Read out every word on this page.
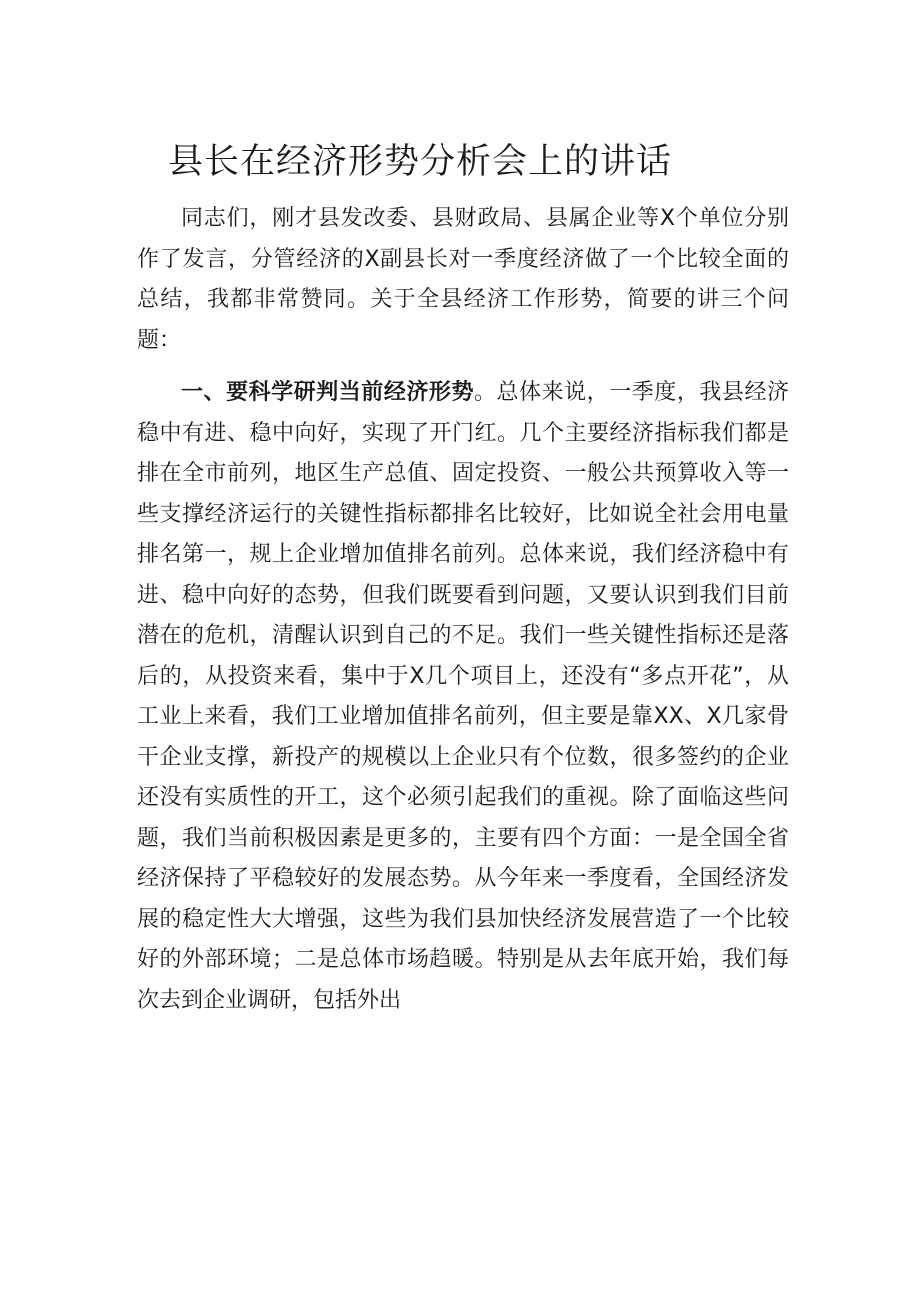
县长在经济形势分析会上的讲话

同志们，刚才县发改委、县财政局、县属企业等X个单位分别作了发言，分管经济的X副县长对一季度经济做了一个比较全面的总结，我都非常赞同。关于全县经济工作形势，简要的讲三个问题：

一、要科学研判当前经济形势。总体来说，一季度，我县经济稳中有进、稳中向好，实现了开门红。几个主要经济指标我们都是排在全市前列，地区生产总值、固定投资、一般公共预算收入等一些支撑经济运行的关键性指标都排名比较好，比如说全社会用电量排名第一，规上企业增加值排名前列。总体来说，我们经济稳中有进、稳中向好的态势，但我们既要看到问题，又要认识到我们目前潜在的危机，清醒认识到自己的不足。我们一些关键性指标还是落后的，从投资来看，集中于X几个项目上，还没有“多点开花”，从工业上来看，我们工业增加值排名前列，但主要是靠XX、X几家骨干企业支撑，新投产的规模以上企业只有个位数，很多签约的企业还没有实质性的开工，这个必须引起我们的重视。除了面临这些问题，我们当前积极因素是更多的，主要有四个方面：一是全国全省经济保持了平稳较好的发展态势。从今年来一季度看，全国经济发展的稳定性大大增强，这些为我们县加快经济发展营造了一个比较好的外部环境；二是总体市场趋暖。特别是从去年底开始，我们每次去到企业调研，包括外出
